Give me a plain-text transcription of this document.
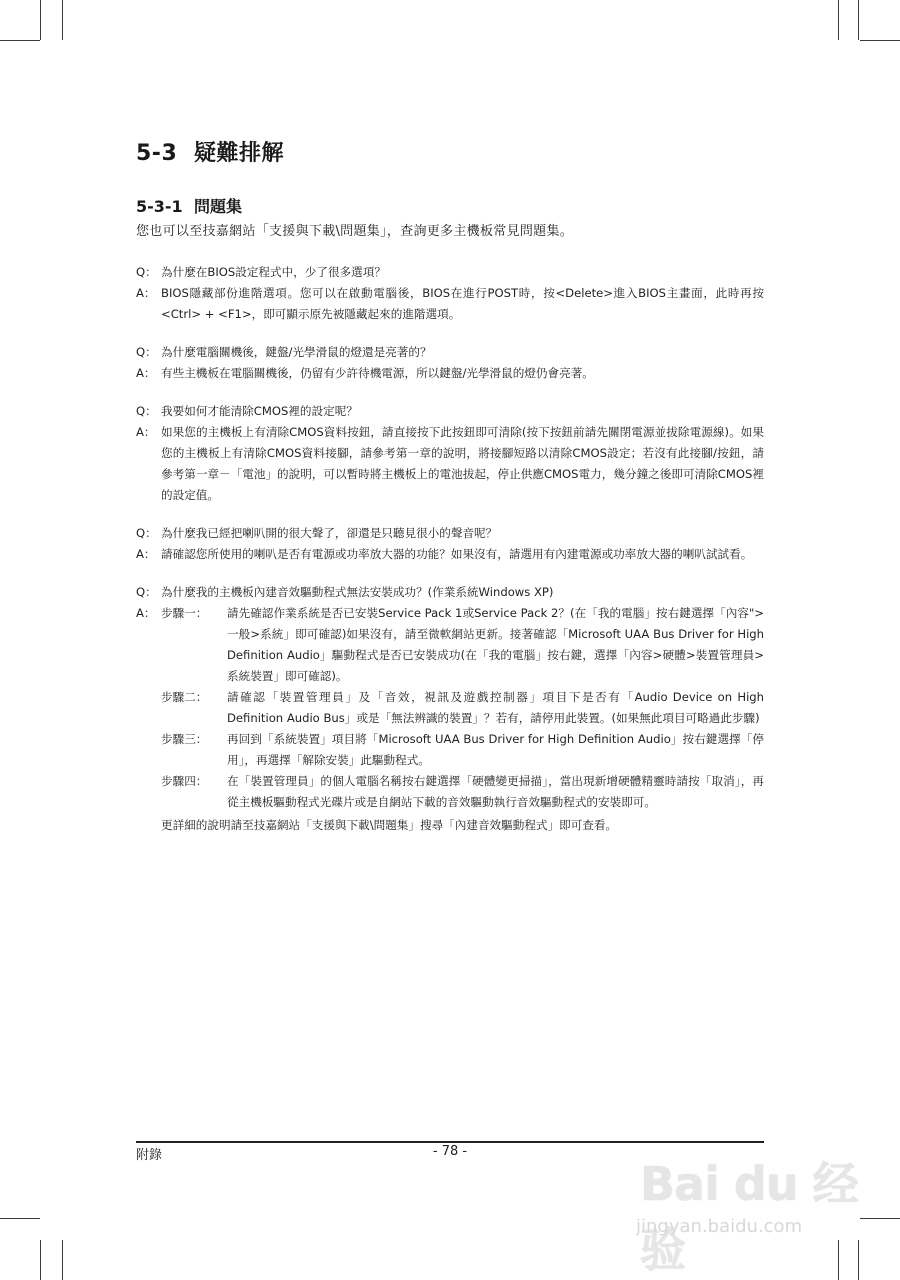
5-3 疑難排解
5-3-1 問題集
您也可以至技嘉網站「支援與下載\問題集」，查詢更多主機板常見問題集。
Q： 為什麼在BIOS設定程式中，少了很多選項？
A： BIOS隱藏部份進階選項。您可以在啟動電腦後，BIOS在進行POST時，按<Delete>進入BIOS主畫面，此時再按<Ctrl> + <F1>，即可顯示原先被隱藏起來的進階選項。
Q： 為什麼電腦關機後，鍵盤/光學滑鼠的燈還是亮著的？
A： 有些主機板在電腦關機後，仍留有少許待機電源，所以鍵盤/光學滑鼠的燈仍會亮著。
Q： 我要如何才能清除CMOS裡的設定呢？
A： 如果您的主機板上有清除CMOS資料按鈕，請直接按下此按鈕即可清除(按下按鈕前請先關閉電源並拔除電源線)。如果您的主機板上有清除CMOS資料接腳，請參考第一章的說明，將接腳短路以清除CMOS設定；若沒有此接腳/按鈕，請參考第一章－「電池」的說明，可以暫時將主機板上的電池拔起，停止供應CMOS電力，幾分鐘之後即可清除CMOS裡的設定值。
Q： 為什麼我已經把喇叭開的很大聲了，卻還是只聽見很小的聲音呢？
A： 請確認您所使用的喇叭是否有電源或功率放大器的功能？如果沒有，請選用有內建電源或功率放大器的喇叭試試看。
Q： 為什麼我的主機板內建音效驅動程式無法安裝成功？(作業系統Windows XP)
A： 步驟一：	請先確認作業系統是否已安裝Service Pack 1或Service Pack 2？(在「我的電腦」按右鍵選擇「內容">一般>系統」即可確認)如果沒有，請至微軟網站更新。接著確認「Microsoft UAA Bus Driver for High Definition Audio」驅動程式是否已安裝成功(在「我的電腦」按右鍵，選擇「內容>硬體>裝置管理員>系統裝置」即可確認)。
步驟二：	請確認「裝置管理員」及「音效，視訊及遊戲控制器」項目下是否有「Audio Device on High Definition Audio Bus」或是「無法辨識的裝置」？若有，請停用此裝置。(如果無此項目可略過此步驟)
步驟三：	再回到「系統裝置」項目將「Microsoft UAA Bus Driver for High Definition Audio」按右鍵選擇「停用」，再選擇「解除安裝」此驅動程式。
步驟四：	在「裝置管理員」的個人電腦名稱按右鍵選擇「硬體變更掃描」，當出現新增硬體精靈時請按「取消」，再從主機板驅動程式光碟片或是自網站下載的音效驅動執行音效驅動程式的安裝即可。
更詳細的說明請至技嘉網站「支援與下載\問題集」搜尋「內建音效驅動程式」即可查看。
附錄	- 78 -
Bai du 经验
jingyan.baidu.com
